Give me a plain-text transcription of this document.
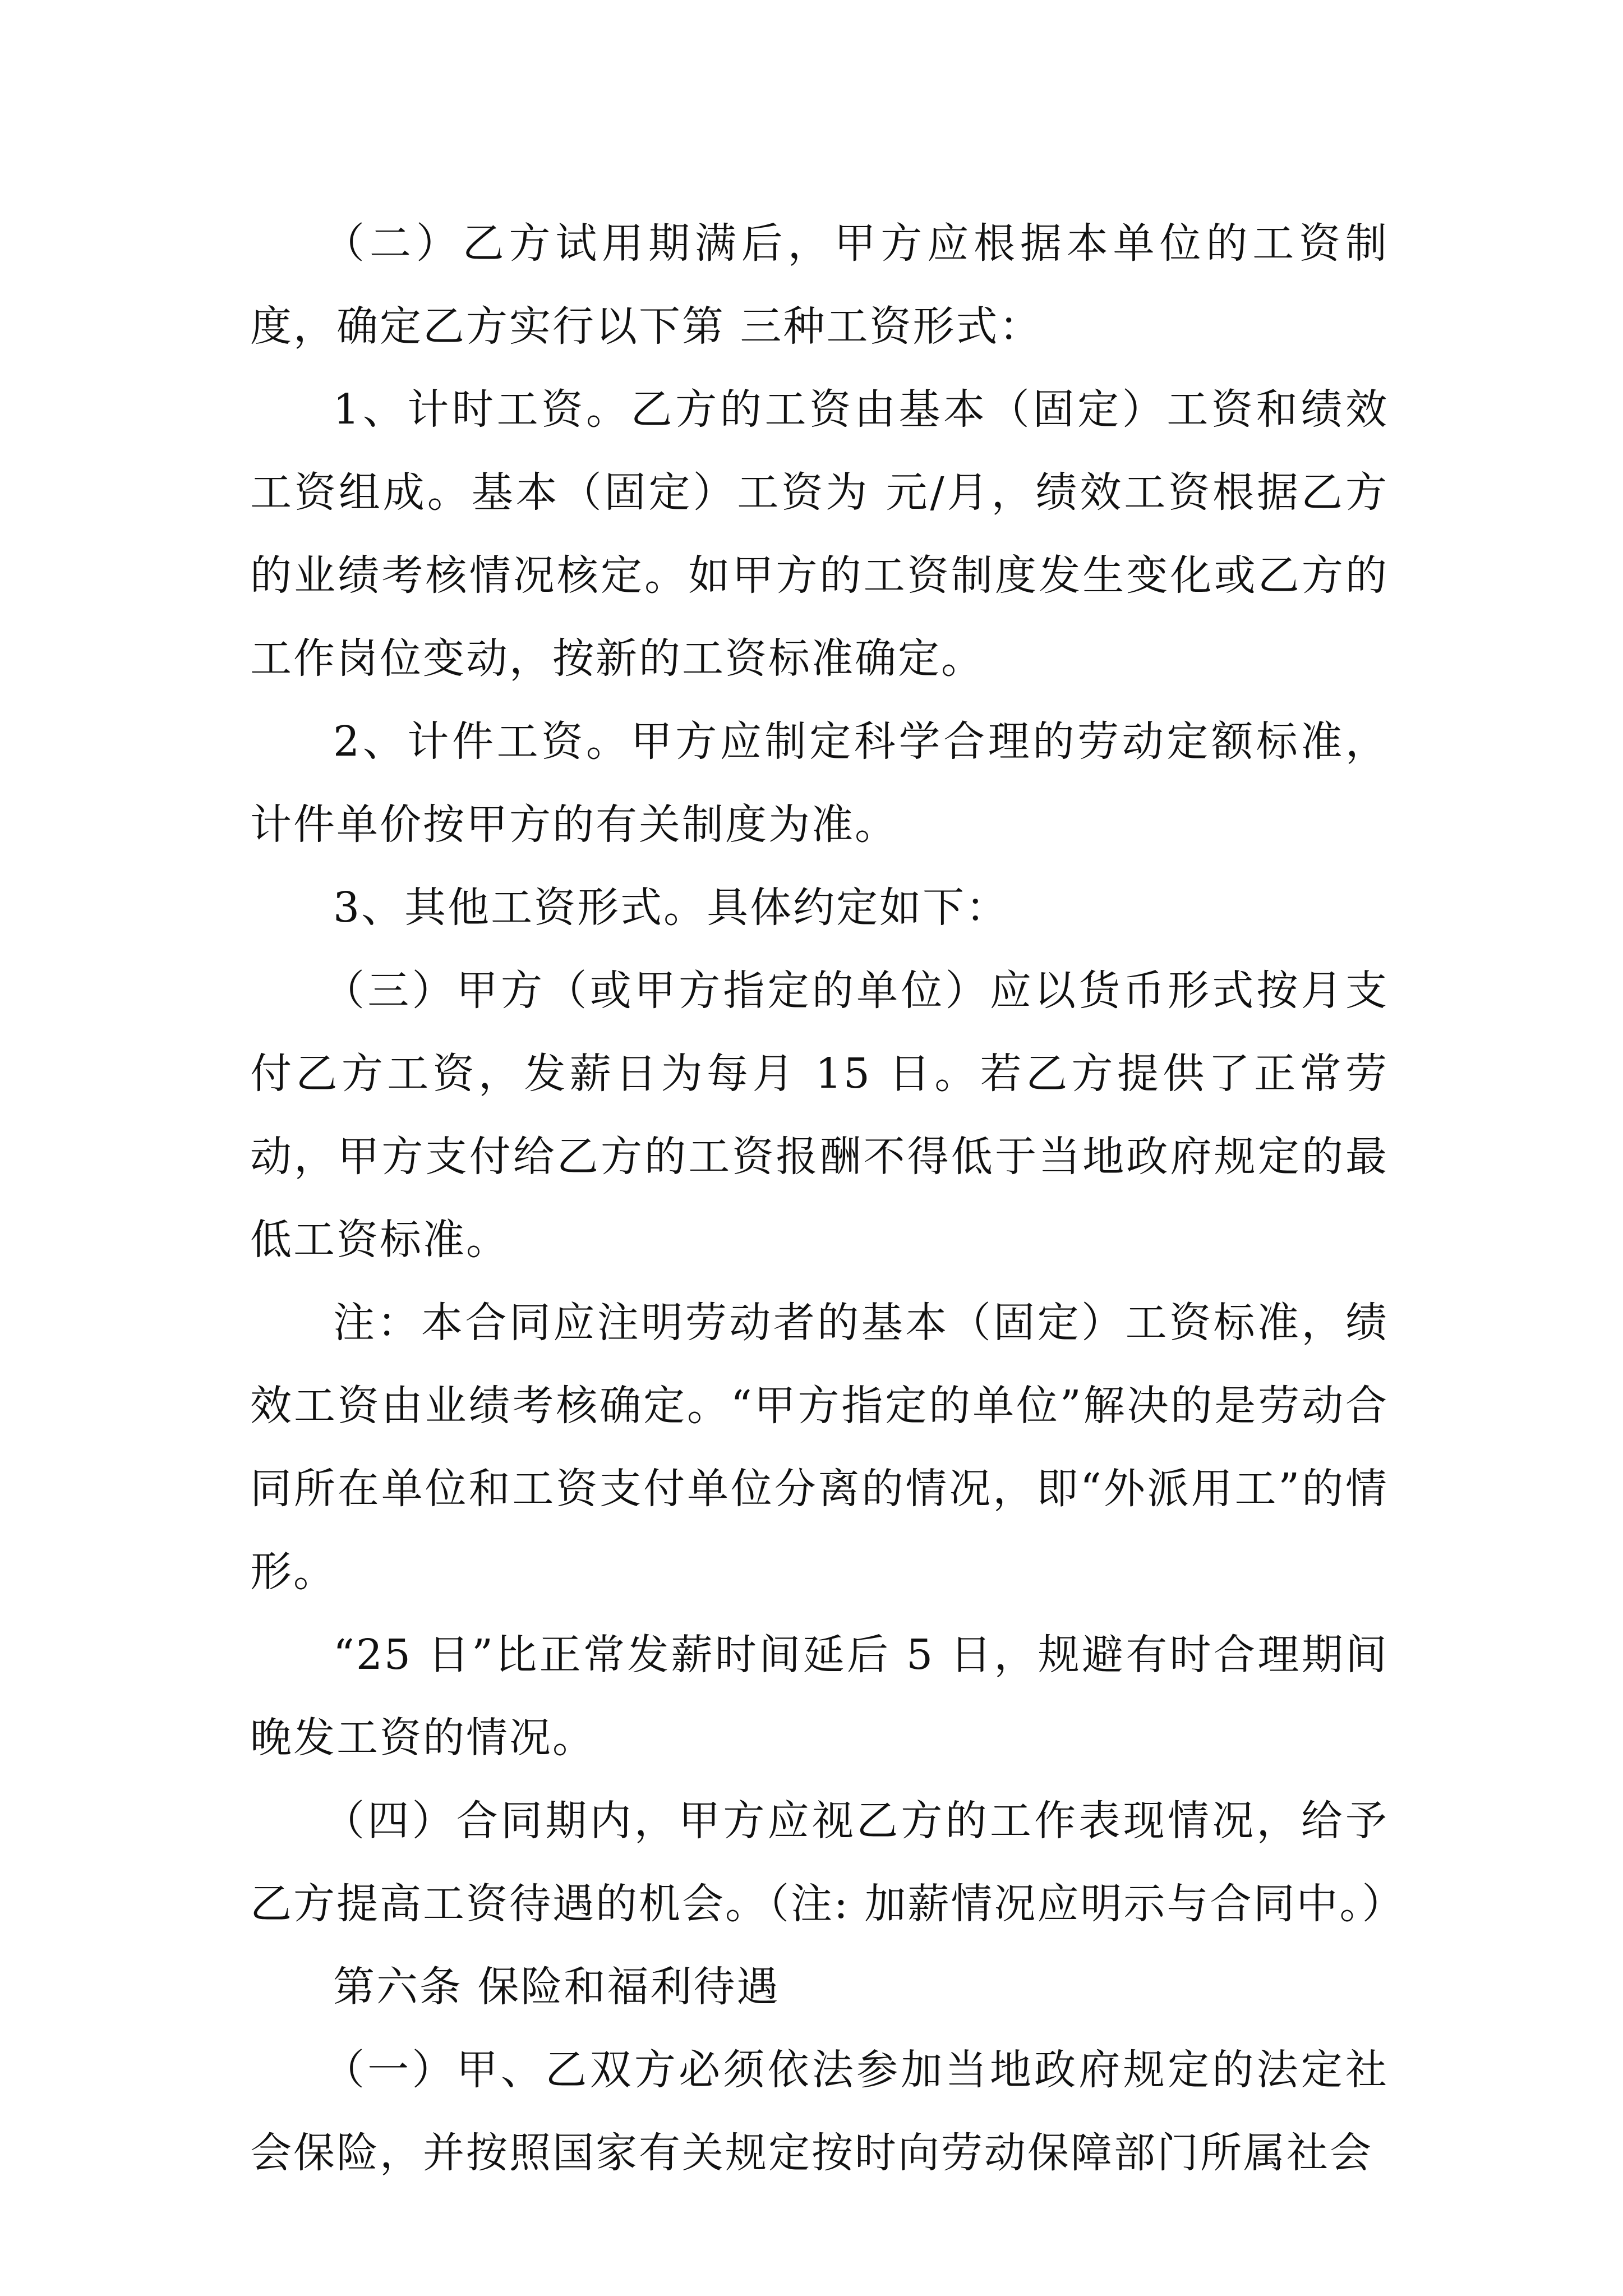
（二）乙方试用期满后，甲方应根据本单位的工资制度，确定乙方实行以下第 三种工资形式：

1、计时工资。乙方的工资由基本（固定）工资和绩效工资组成。基本（固定）工资为 元/月，绩效工资根据乙方的业绩考核情况核定。如甲方的工资制度发生变化或乙方的工作岗位变动，按新的工资标准确定。

2、计件工资。甲方应制定科学合理的劳动定额标准，计件单价按甲方的有关制度为准。

3、其他工资形式。具体约定如下：

（三）甲方（或甲方指定的单位）应以货币形式按月支付乙方工资，发薪日为每月 15 日。若乙方提供了正常劳动，甲方支付给乙方的工资报酬不得低于当地政府规定的最低工资标准。

注：本合同应注明劳动者的基本（固定）工资标准，绩效工资由业绩考核确定。“甲方指定的单位”解决的是劳动合同所在单位和工资支付单位分离的情况，即“外派用工”的情形。

“25 日”比正常发薪时间延后 5 日，规避有时合理期间晚发工资的情况。

（四）合同期内，甲方应视乙方的工作表现情况，给予乙方提高工资待遇的机会。（注: 加薪情况应明示与合同中。）

第六条 保险和福利待遇

（一）甲、乙双方必须依法参加当地政府规定的法定社会保险，并按照国家有关规定按时向劳动保障部门所属社会
